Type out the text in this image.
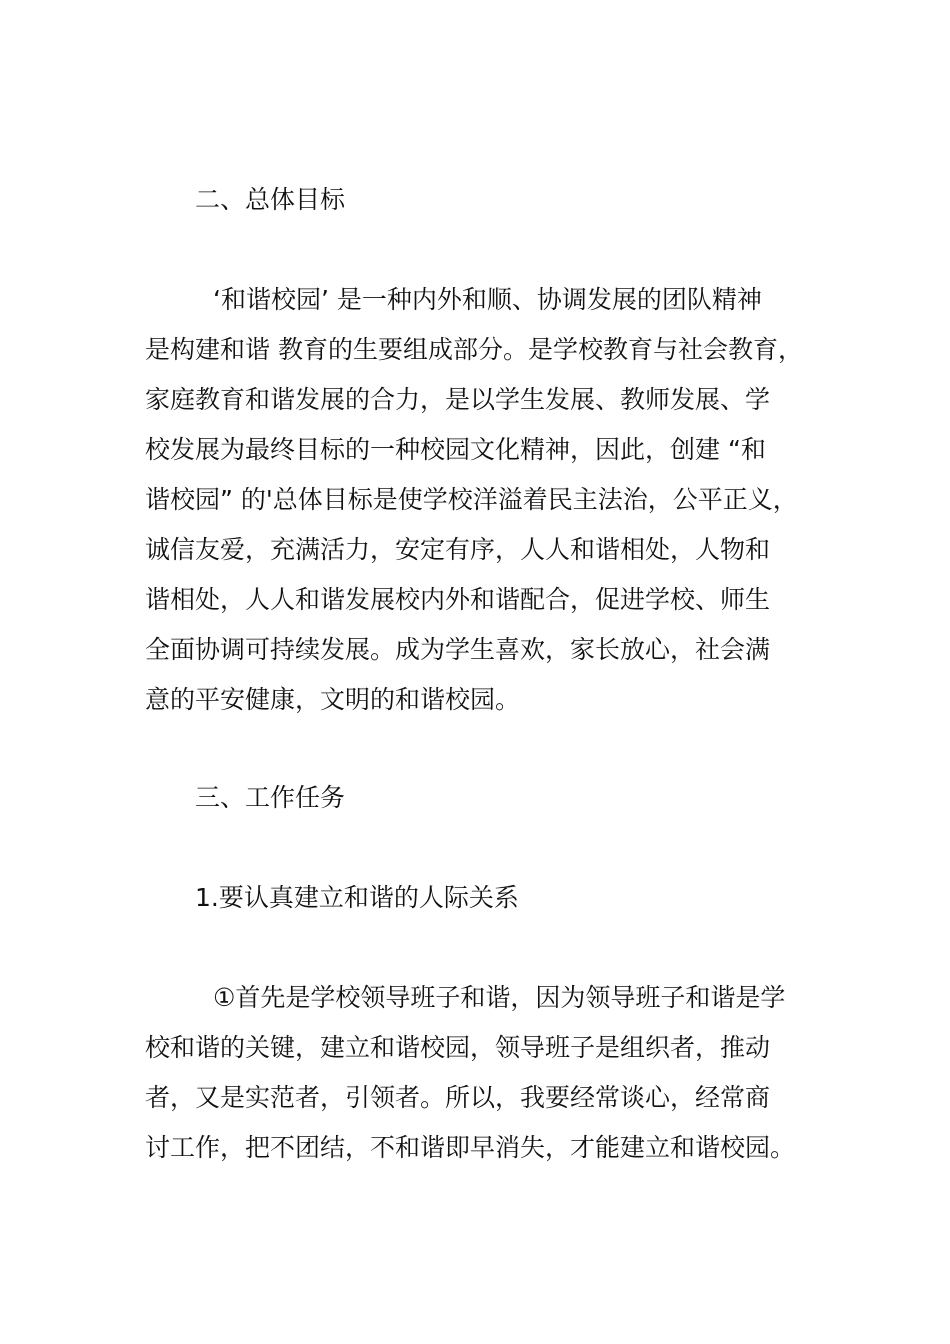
二、总体目标
‘和谐校园’ 是一种内外和顺、协调发展的团队精神
是构建和谐 教育的生要组成部分。是学校教育与社会教育，
家庭教育和谐发展的合力，是以学生发展、教师发展、学
校发展为最终目标的一种校园文化精神，因此，创建 “和
谐校园” 的'总体目标是使学校洋溢着民主法治，公平正义，
诚信友爱，充满活力，安定有序，人人和谐相处，人物和
谐相处，人人和谐发展校内外和谐配合，促进学校、师生
全面协调可持续发展。成为学生喜欢，家长放心，社会满
意的平安健康，文明的和谐校园。
三、工作任务
1.要认真建立和谐的人际关系
①首先是学校领导班子和谐，因为领导班子和谐是学
校和谐的关键，建立和谐校园，领导班子是组织者，推动
者，又是实范者，引领者。所以，我要经常谈心，经常商
讨工作，把不团结，不和谐即早消失，才能建立和谐校园。
